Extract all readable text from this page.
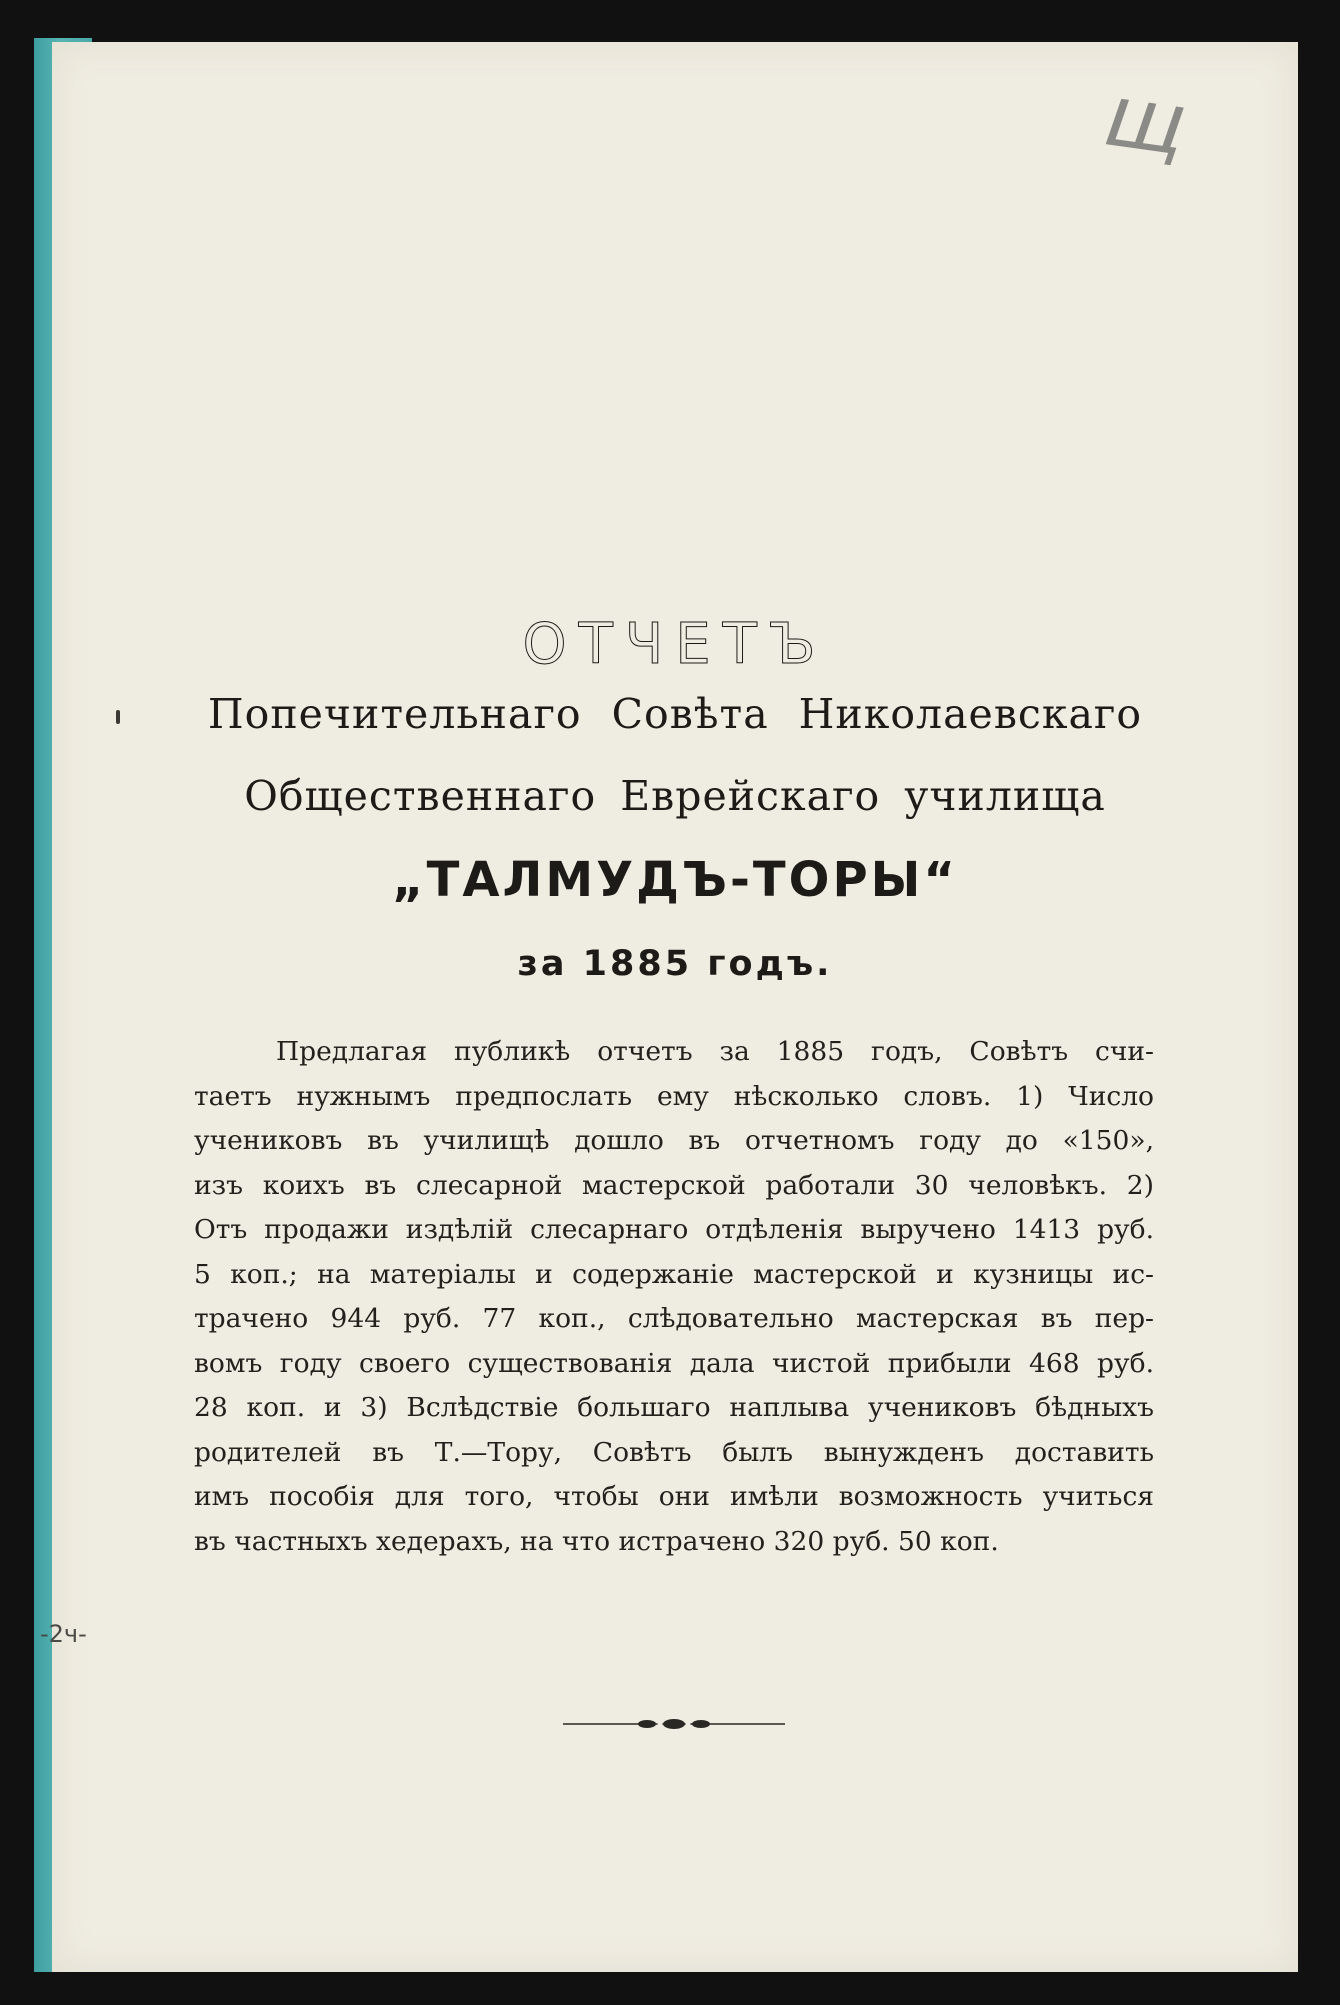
щ
ОТЧЕТЪ
Попечительнаго Совѣта Николаевскаго
Общественнаго Еврейскаго училища
„ТАЛМУДЪ-ТОРЫ“
за 1885 годъ.
Предлагая публикѣ отчетъ за 1885 годъ, Совѣтъ счи-
таетъ нужнымъ предпослать ему нѣсколько словъ. 1) Число
учениковъ въ училищѣ дошло въ отчетномъ году до «150»,
изъ коихъ въ слесарной мастерской работали 30 человѣкъ. 2)
Отъ продажи издѣлій слесарнаго отдѣленія выручено 1413 руб.
5 коп.; на матеріалы и содержаніе мастерской и кузницы ис-
трачено 944 руб. 77 коп., слѣдовательно мастерская въ пер-
вомъ году своего существованія дала чистой прибыли 468 руб.
28 коп. и 3) Вслѣдствіе большаго наплыва учениковъ бѣдныхъ
родителей въ Т.—Тору, Совѣтъ былъ вынужденъ доставить
имъ пособія для того, чтобы они имѣли возможность учиться
въ частныхъ хедерахъ, на что истрачено 320 руб. 50 коп.
-2ч-
